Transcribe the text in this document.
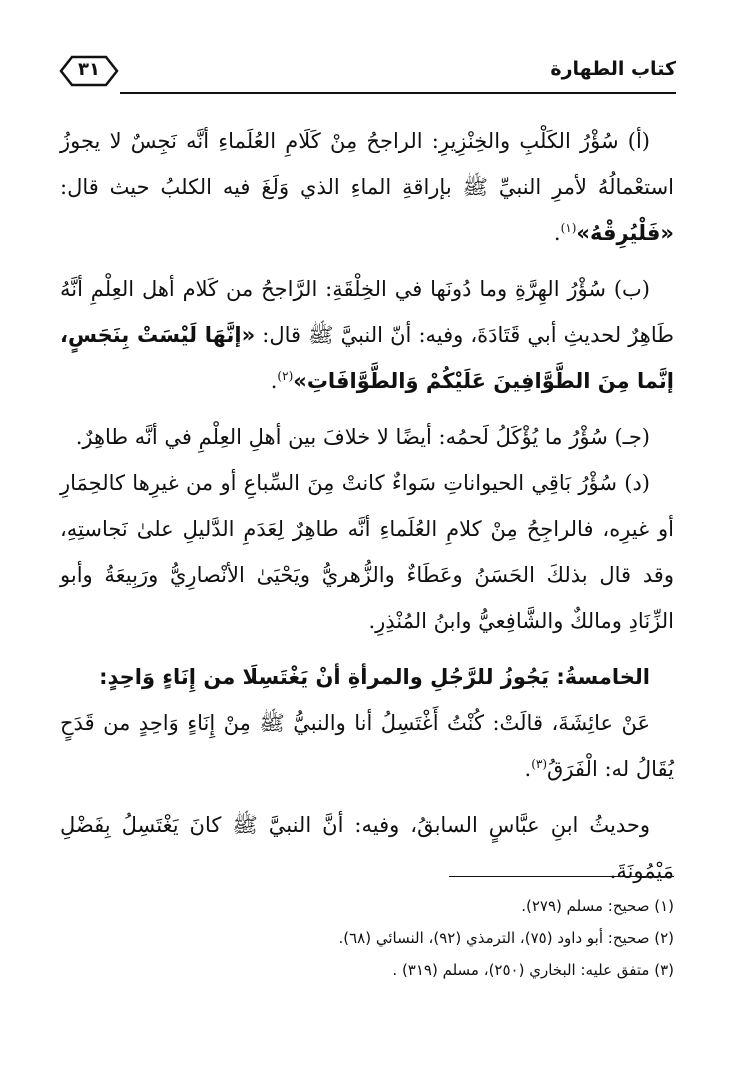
كتاب الطهارة
٣١

(أ) سُؤْرُ الكَلْبِ والخِنْزِيرِ: الراجحُ مِنْ كَلَامِ العُلَماءِ أنَّه نَجِسٌ لا يجوزُ استعْمالُهُ لأمرِ النبيِّ ﷺ بإراقةِ الماءِ الذي وَلَغَ فيه الكلبُ حيث قال: «فَلْيُرِقْهُ»$^{(١)}$.

(ب) سُؤْرُ الهِرَّةِ وما دُونَها في الخِلْقَةِ: الرَّاجحُ من كَلام أهل العِلْمِ أنَّهُ طَاهِرٌ لحديثِ أبي قَتَادَةَ، وفيه: أنّ النبيَّ ﷺ قال: «إنَّهَا لَيْسَتْ بِنَجَسٍ، إنَّما مِنَ الطَّوَّافِينَ عَلَيْكُمْ وَالطَّوَّافَاتِ»$^{(٢)}$.

(جـ) سُؤْرُ ما يُؤْكَلُ لَحمُه: أيضًا لا خلافَ بين أهلِ العِلْمِ في أنَّه طاهِرٌ.

(د) سُؤْرُ بَاقِي الحيواناتِ سَواءٌ كانتْ مِنَ السِّباعِ أو من غيرِها كالحِمَارِ أو غيرِه، فالراجِحُ مِنْ كلامِ العُلَماءِ أنَّه طاهِرٌ لِعَدَمِ الدَّليلِ علىٰ نَجاستِهِ، وقد قال بذلكَ الحَسَنُ وعَطَاءٌ والزُّهريُّ ويَحْيَىٰ الأنْصارِيُّ ورَبِيعَةُ وأبو الزِّنَادِ ومالكٌ والشَّافِعيُّ وابنُ المُنْذِرِ.

الخامسةُ: يَجُوزُ للرَّجُلِ والمرأةِ أنْ يَغْتَسِلَا من إِنَاءٍ وَاحِدٍ:

عَنْ عائِشَةَ، قالَتْ: كُنْتُ أَغْتَسِلُ أنا والنبيُّ ﷺ مِنْ إِنَاءٍ وَاحِدٍ من قَدَحٍ يُقَالُ له: الْفَرَقُ$^{(٣)}$.

وحديثُ ابنِ عبَّاسٍ السابقُ، وفيه: أنَّ النبيَّ ﷺ كانَ يَغْتَسِلُ بِفَضْلِ مَيْمُونَةَ.

(١) صحيح: مسلم (٢٧٩).
(٢) صحيح: أبو داود (٧٥)، الترمذي (٩٢)، النسائي (٦٨).
(٣) متفق عليه: البخاري (٢٥٠)، مسلم (٣١٩) .
